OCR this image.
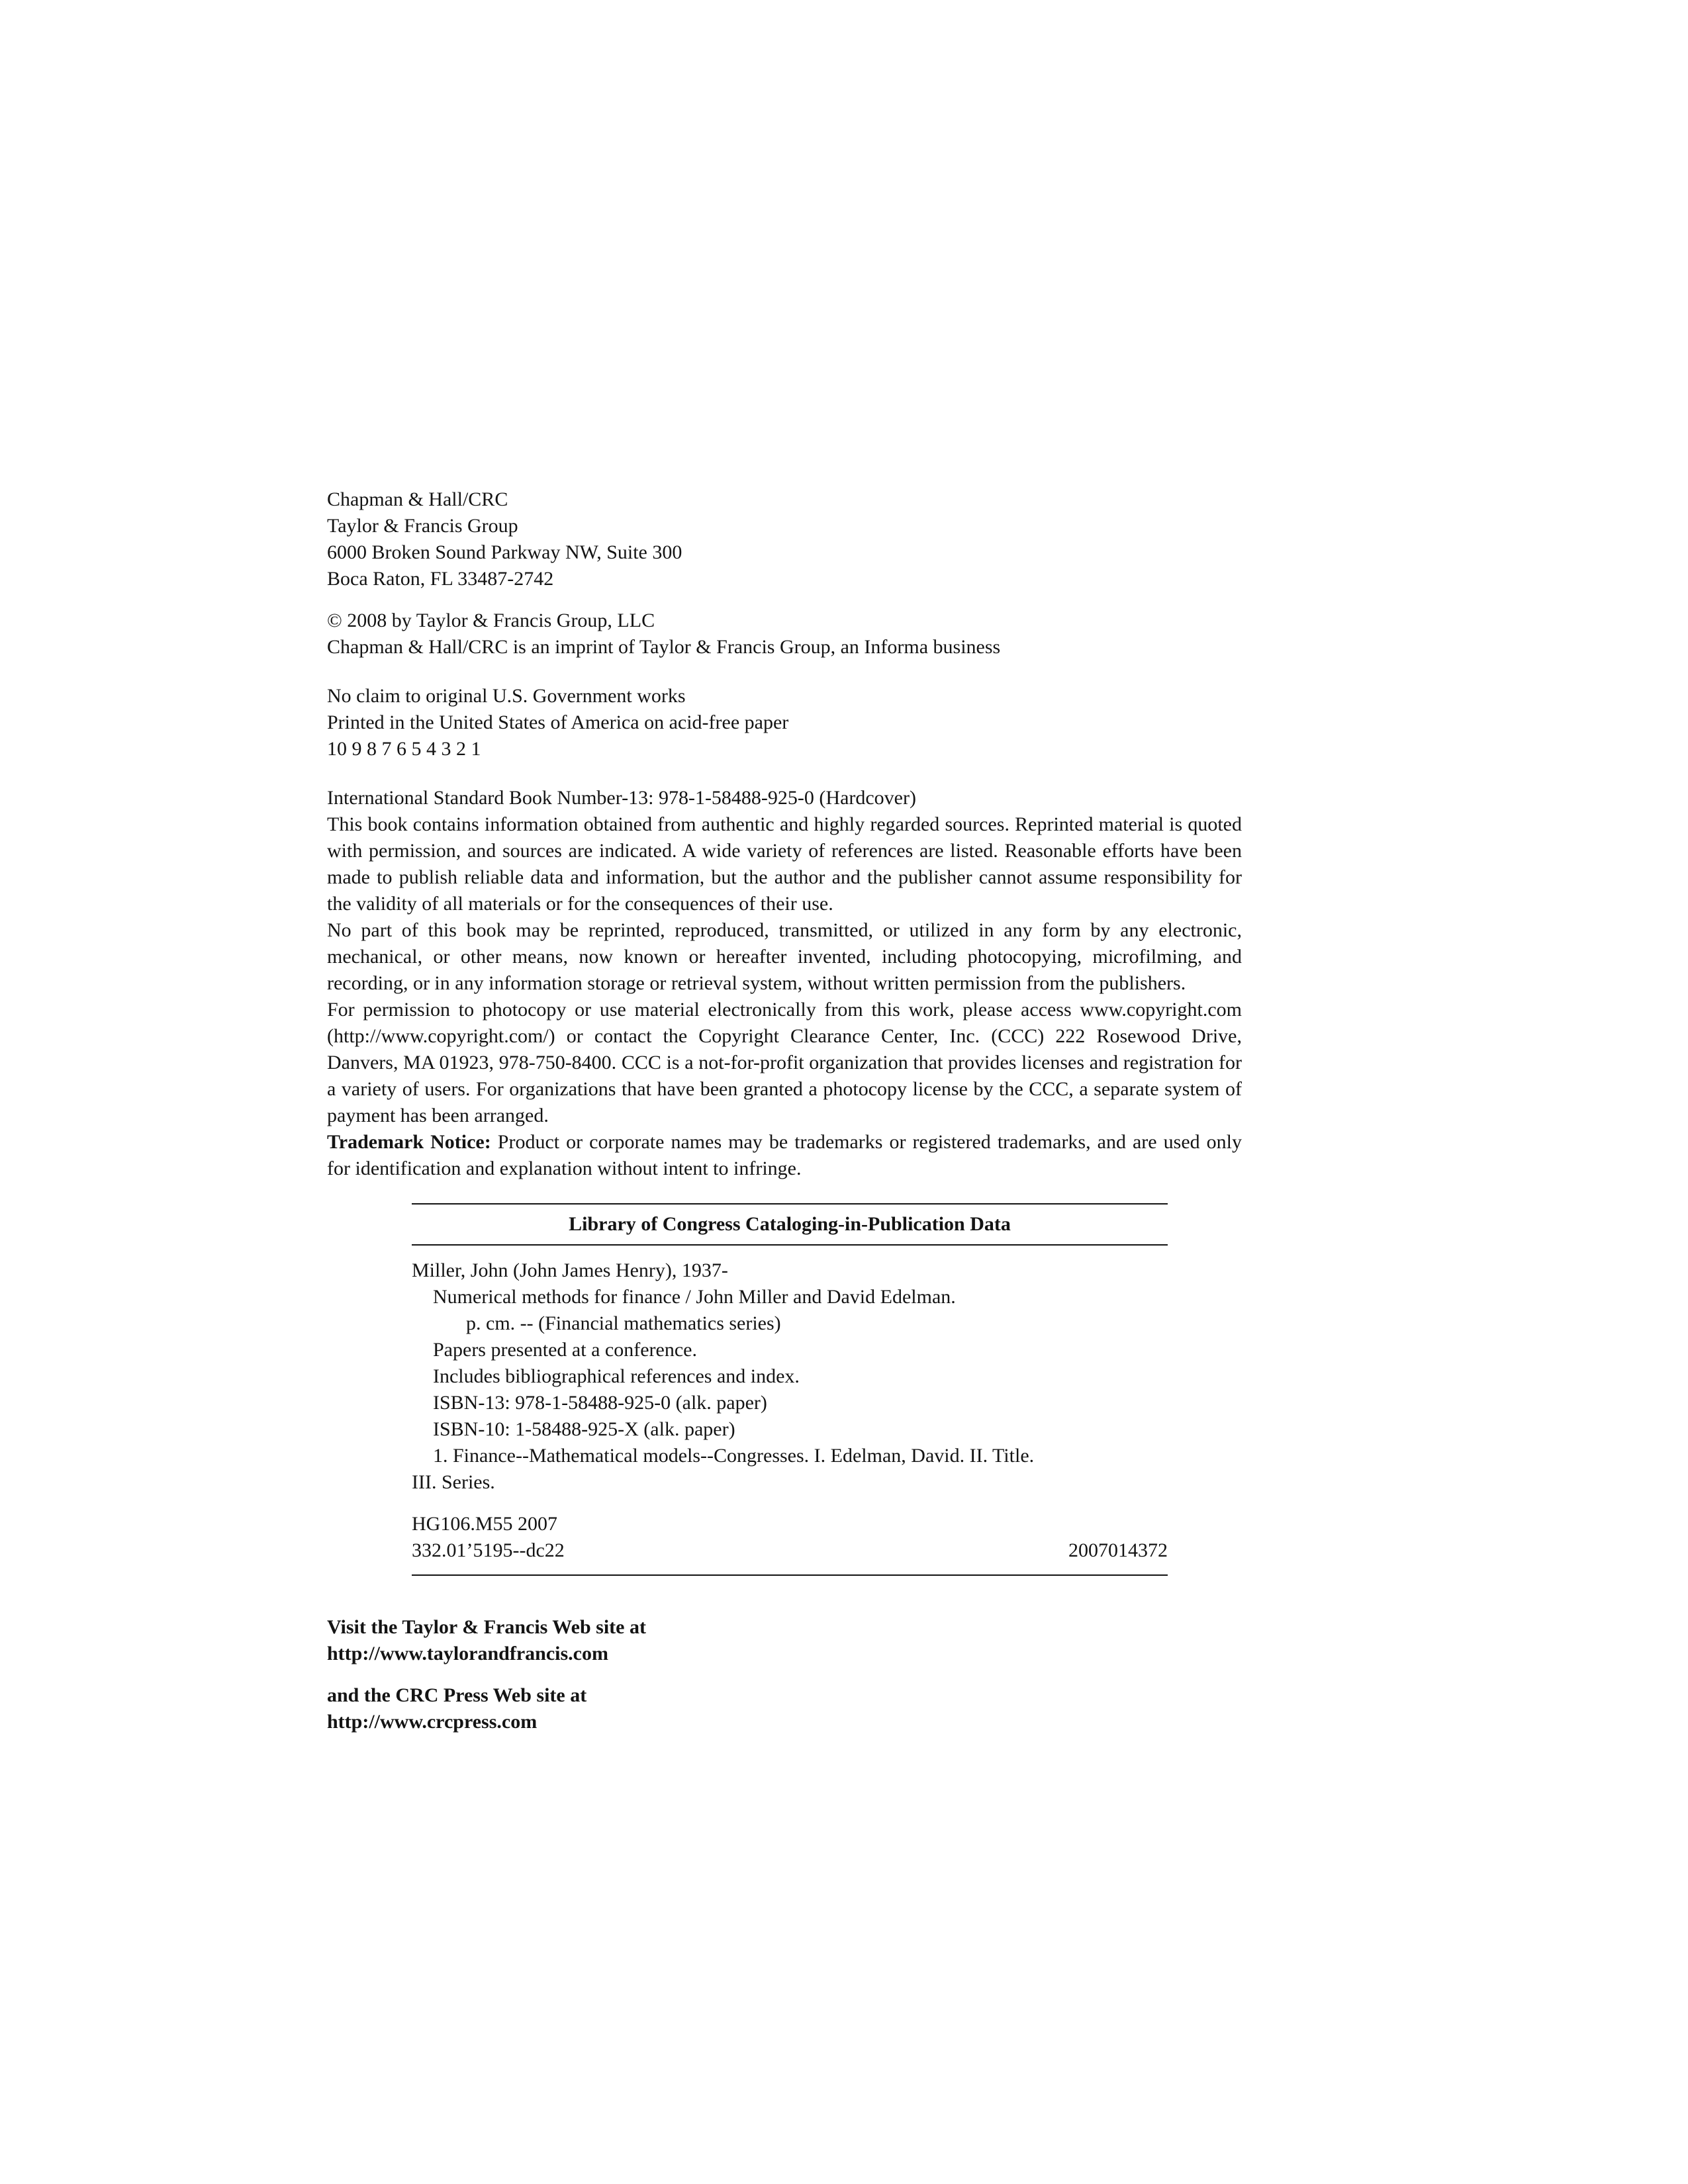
Chapman & Hall/CRC
Taylor & Francis Group
6000 Broken Sound Parkway NW, Suite 300
Boca Raton, FL 33487-2742
© 2008 by Taylor & Francis Group, LLC
Chapman & Hall/CRC is an imprint of Taylor & Francis Group, an Informa business
No claim to original U.S. Government works
Printed in the United States of America on acid-free paper
10 9 8 7 6 5 4 3 2 1
International Standard Book Number-13: 978-1-58488-925-0 (Hardcover)

This book contains information obtained from authentic and highly regarded sources. Reprinted material is quoted with permission, and sources are indicated. A wide variety of references are listed. Reasonable efforts have been made to publish reliable data and information, but the author and the publisher cannot assume responsibility for the validity of all materials or for the consequences of their use.

No part of this book may be reprinted, reproduced, transmitted, or utilized in any form by any electronic, mechanical, or other means, now known or hereafter invented, including photocopying, microfilming, and recording, or in any information storage or retrieval system, without written permission from the publishers.

For permission to photocopy or use material electronically from this work, please access www.copyright.com (http://www.copyright.com/) or contact the Copyright Clearance Center, Inc. (CCC) 222 Rosewood Drive, Danvers, MA 01923, 978-750-8400. CCC is a not-for-profit organization that provides licenses and registration for a variety of users. For organizations that have been granted a photocopy license by the CCC, a separate system of payment has been arranged.

Trademark Notice: Product or corporate names may be trademarks or registered trademarks, and are used only for identification and explanation without intent to infringe.

Library of Congress Cataloging-in-Publication Data
Miller, John (John James Henry), 1937-
Numerical methods for finance / John Miller and David Edelman.
p. cm. -- (Financial mathematics series)
Papers presented at a conference.
Includes bibliographical references and index.
ISBN-13: 978-1-58488-925-0 (alk. paper)
ISBN-10: 1-58488-925-X (alk. paper)
1. Finance--Mathematical models--Congresses. I. Edelman, David. II. Title.
III. Series.
HG106.M55 2007
332.01’5195--dc22	2007014372
Visit the Taylor & Francis Web site at
http://www.taylorandfrancis.com
and the CRC Press Web site at
http://www.crcpress.com
